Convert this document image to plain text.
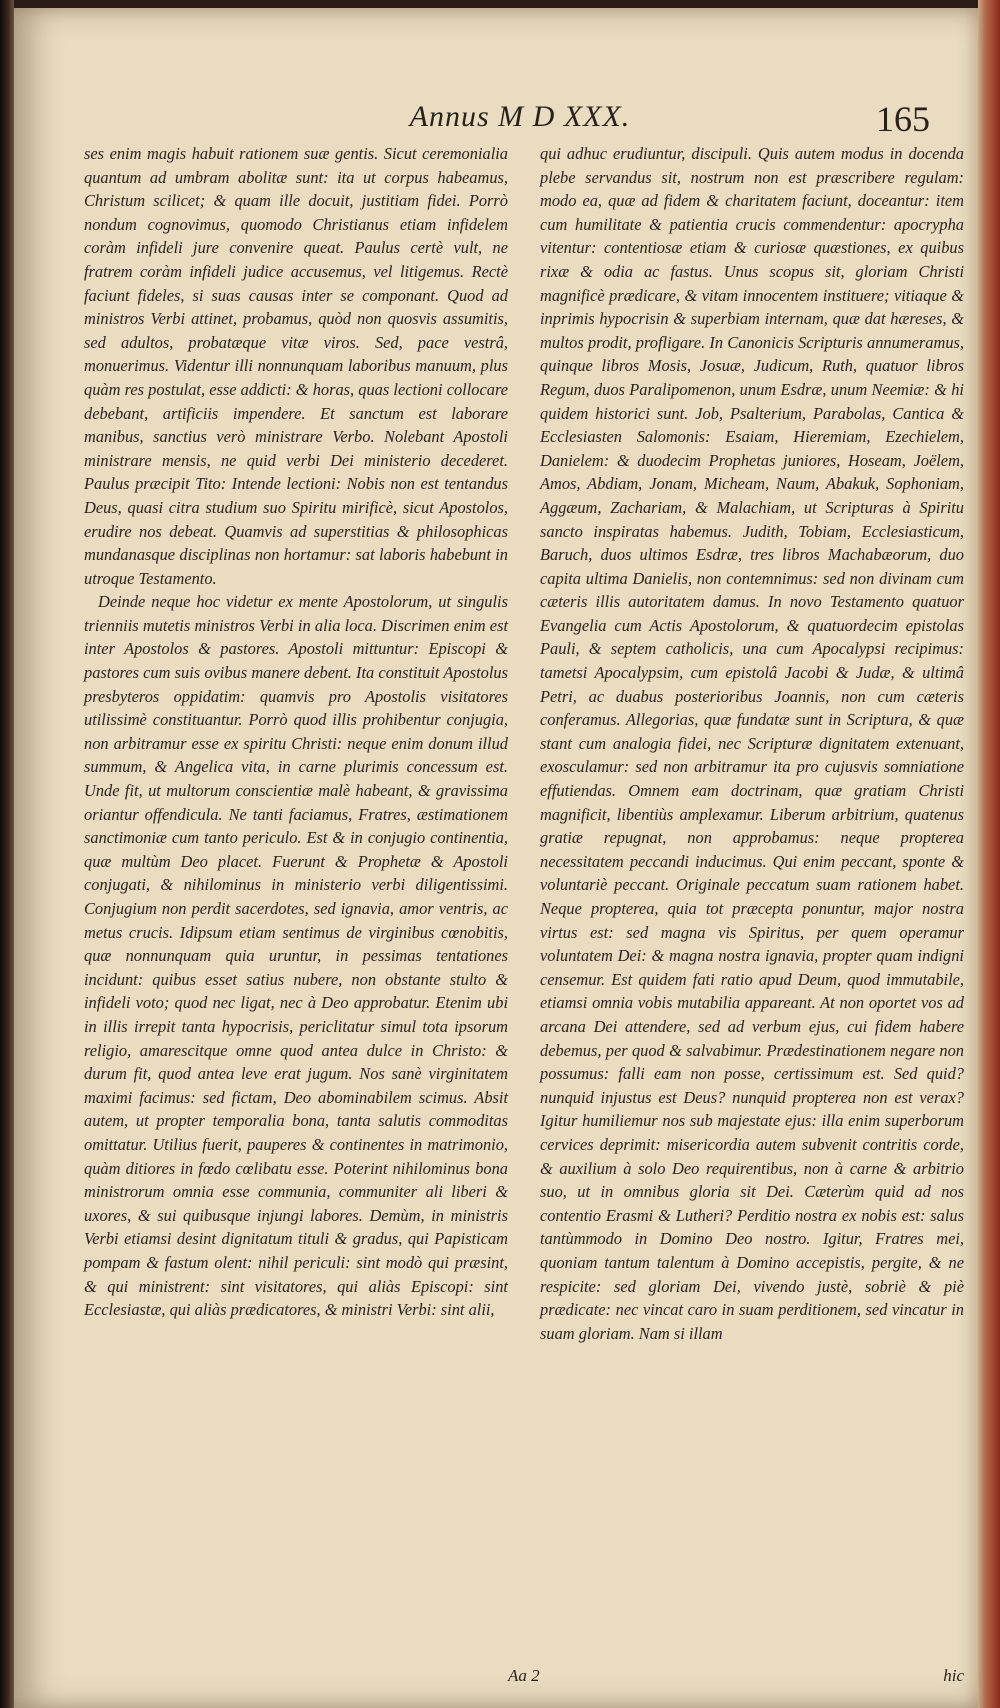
Annus M D XXX.	165

ses enim magis habuit rationem suæ gentis. Sicut ceremonialia quantum ad umbram abolitæ sunt: ita ut corpus habeamus, Christum scilicet; & quam ille docuit, justitiam fidei. Porrò nondum cognovimus, quomodo Christianus etiam infidelem coràm infideli jure convenire queat. Paulus certè vult, ne fratrem coràm infideli judice accusemus, vel litigemus. Rectè faciunt fideles, si suas causas inter se componant. Quod ad ministros Verbi attinet, probamus, quòd non quosvis assumitis, sed adultos, probatæque vitæ viros. Sed, pace vestrâ, monuerimus. Videntur illi nonnunquam laboribus manuum, plus quàm res postulat, esse addicti: & horas, quas lectioni collocare debebant, artificiis impendere. Et sanctum est laborare manibus, sanctius verò ministrare Verbo. Nolebant Apostoli ministrare mensis, ne quid verbi Dei ministerio decederet. Paulus præcipit Tito: Intende lectioni: Nobis non est tentandus Deus, quasi citra studium suo Spiritu mirificè, sicut Apostolos, erudire nos debeat. Quamvis ad superstitias & philosophicas mundanasque disciplinas non hortamur: sat laboris habebunt in utroque Testamento.

Deinde neque hoc videtur ex mente Apostolorum, ut singulis trienniis mutetis ministros Verbi in alia loca. Discrimen enim est inter Apostolos & pastores. Apostoli mittuntur: Episcopi & pastores cum suis ovibus manere debent. Ita constituit Apostolus presbyteros oppidatim: quamvis pro Apostolis visitatores utilissimè constituantur. Porrò quod illis prohibentur conjugia, non arbitramur esse ex spiritu Christi: neque enim donum illud summum, & Angelica vita, in carne plurimis concessum est. Unde fit, ut multorum conscientiæ malè habeant, & gravissima oriantur offendicula. Ne tanti faciamus, Fratres, æstimationem sanctimoniæ cum tanto periculo. Est & in conjugio continentia, quæ multùm Deo placet. Fuerunt & Prophetæ & Apostoli conjugati, & nihilominus in ministerio verbi diligentissimi. Conjugium non perdit sacerdotes, sed ignavia, amor ventris, ac metus crucis. Idipsum etiam sentimus de virginibus cœnobitis, quæ nonnunquam quia uruntur, in pessimas tentationes incidunt: quibus esset satius nubere, non obstante stulto & infideli voto; quod nec ligat, nec à Deo approbatur. Etenim ubi in illis irrepit tanta hypocrisis, periclitatur simul tota ipsorum religio, amarescitque omne quod antea dulce in Christo: & durum fit, quod antea leve erat jugum. Nos sanè virginitatem maximi facimus: sed fictam, Deo abominabilem scimus. Absit autem, ut propter temporalia bona, tanta salutis commoditas omittatur. Utilius fuerit, pauperes & continentes in matrimonio, quàm ditiores in fœdo cœlibatu esse. Poterint nihilominus bona ministrorum omnia esse communia, communiter ali liberi & uxores, & sui quibusque injungi labores. Demùm, in ministris Verbi etiamsi desint dignitatum tituli & gradus, qui Papisticam pompam & fastum olent: nihil periculi: sint modò qui præsint, & qui ministrent: sint visitatores, qui aliàs Episcopi: sint Ecclesiastæ, qui aliàs prædicatores, & ministri Verbi: sint alii,

qui adhuc erudiuntur, discipuli. Quis autem modus in docenda plebe servandus sit, nostrum non est præscribere regulam: modo ea, quæ ad fidem & charitatem faciunt, doceantur: item cum humilitate & patientia crucis commendentur: apocrypha vitentur: contentiosæ etiam & curiosæ quæstiones, ex quibus rixæ & odia ac fastus. Unus scopus sit, gloriam Christi magnificè prædicare, & vitam innocentem instituere; vitiaque & inprimis hypocrisin & superbiam internam, quæ dat hæreses, & multos prodit, profligare. In Canonicis Scripturis annumeramus, quinque libros Mosis, Josuæ, Judicum, Ruth, quatuor libros Regum, duos Paralipomenon, unum Esdræ, unum Neemiæ: & hi quidem historici sunt. Job, Psalterium, Parabolas, Cantica & Ecclesiasten Salomonis: Esaiam, Hieremiam, Ezechielem, Danielem: & duodecim Prophetas juniores, Hoseam, Joëlem, Amos, Abdiam, Jonam, Micheam, Naum, Abakuk, Sophoniam, Aggæum, Zachariam, & Malachiam, ut Scripturas à Spiritu sancto inspiratas habemus. Judith, Tobiam, Ecclesiasticum, Baruch, duos ultimos Esdræ, tres libros Machabæorum, duo capita ultima Danielis, non contemnimus: sed non divinam cum cæteris illis autoritatem damus. In novo Testamento quatuor Evangelia cum Actis Apostolorum, & quatuordecim epistolas Pauli, & septem catholicis, una cum Apocalypsi recipimus: tametsi Apocalypsim, cum epistolâ Jacobi & Judæ, & ultimâ Petri, ac duabus posterioribus Joannis, non cum cæteris conferamus. Allegorias, quæ fundatæ sunt in Scriptura, & quæ stant cum analogia fidei, nec Scripturæ dignitatem extenuant, exosculamur: sed non arbitramur ita pro cujusvis somniatione effutiendas. Omnem eam doctrinam, quæ gratiam Christi magnificit, libentiùs amplexamur. Liberum arbitrium, quatenus gratiæ repugnat, non approbamus: neque propterea necessitatem peccandi inducimus. Qui enim peccant, sponte & voluntariè peccant. Originale peccatum suam rationem habet. Neque propterea, quia tot præcepta ponuntur, major nostra virtus est: sed magna vis Spiritus, per quem operamur voluntatem Dei: & magna nostra ignavia, propter quam indigni censemur. Est quidem fati ratio apud Deum, quod immutabile, etiamsi omnia vobis mutabilia appareant. At non oportet vos ad arcana Dei attendere, sed ad verbum ejus, cui fidem habere debemus, per quod & salvabimur. Prædestinationem negare non possumus: falli eam non posse, certissimum est. Sed quid? nunquid injustus est Deus? nunquid propterea non est verax? Igitur humiliemur nos sub majestate ejus: illa enim superborum cervices deprimit: misericordia autem subvenit contritis corde, & auxilium à solo Deo requirentibus, non à carne & arbitrio suo, ut in omnibus gloria sit Dei. Cæterùm quid ad nos contentio Erasmi & Lutheri? Perditio nostra ex nobis est: salus tantùmmodo in Domino Deo nostro. Igitur, Fratres mei, quoniam tantum talentum à Domino accepistis, pergite, & ne respicite: sed gloriam Dei, vivendo justè, sobriè & piè prædicate: nec vincat caro in suam perditionem, sed vincatur in suam gloriam. Nam si illam

Aa 2	hic
